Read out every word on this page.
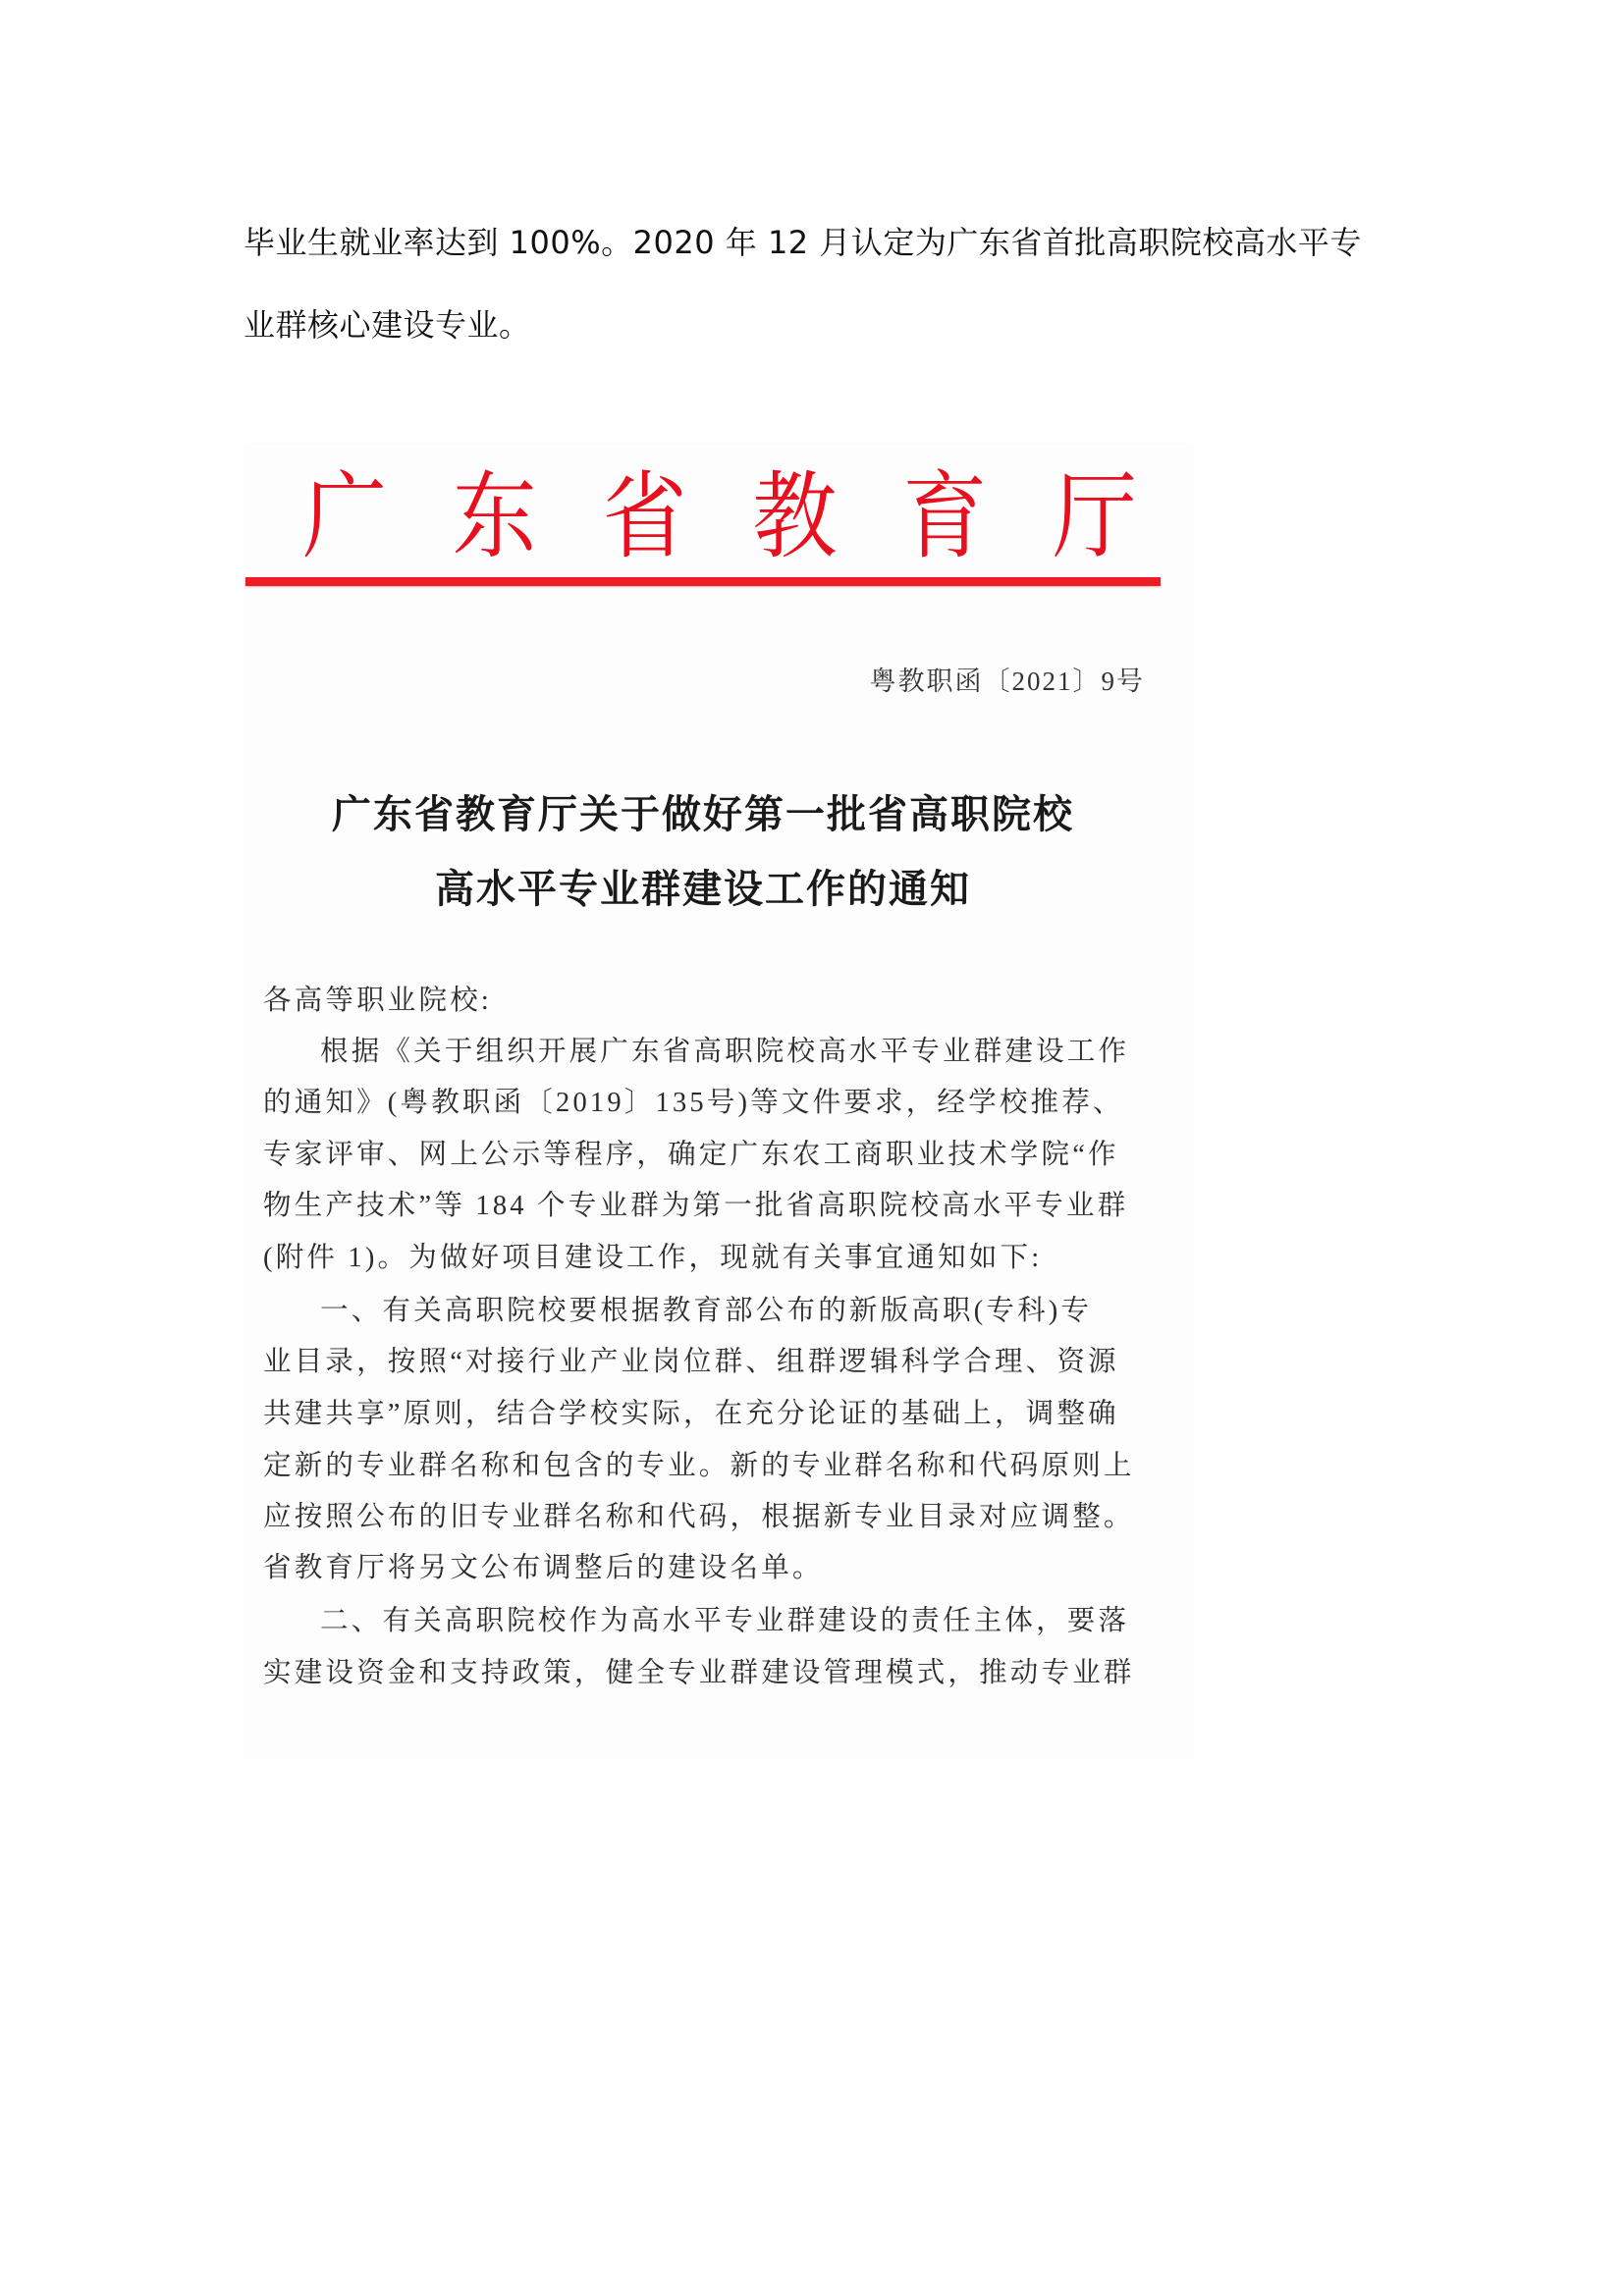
毕业生就业率达到 100%。2020 年 12 月认定为广东省首批高职院校高水平专
业群核心建设专业。
广 东 省 教 育 厅
粤教职函〔2021〕9号
广东省教育厅关于做好第一批省高职院校
高水平专业群建设工作的通知
各高等职业院校:
根据《关于组织开展广东省高职院校高水平专业群建设工作
的通知》(粤教职函〔2019〕135号)等文件要求，经学校推荐、
专家评审、网上公示等程序，确定广东农工商职业技术学院“作
物生产技术”等 184 个专业群为第一批省高职院校高水平专业群
(附件 1)。为做好项目建设工作，现就有关事宜通知如下:
一、有关高职院校要根据教育部公布的新版高职(专科)专
业目录，按照“对接行业产业岗位群、组群逻辑科学合理、资源
共建共享”原则，结合学校实际，在充分论证的基础上，调整确
定新的专业群名称和包含的专业。新的专业群名称和代码原则上
应按照公布的旧专业群名称和代码，根据新专业目录对应调整。
省教育厅将另文公布调整后的建设名单。
二、有关高职院校作为高水平专业群建设的责任主体，要落
实建设资金和支持政策，健全专业群建设管理模式，推动专业群
